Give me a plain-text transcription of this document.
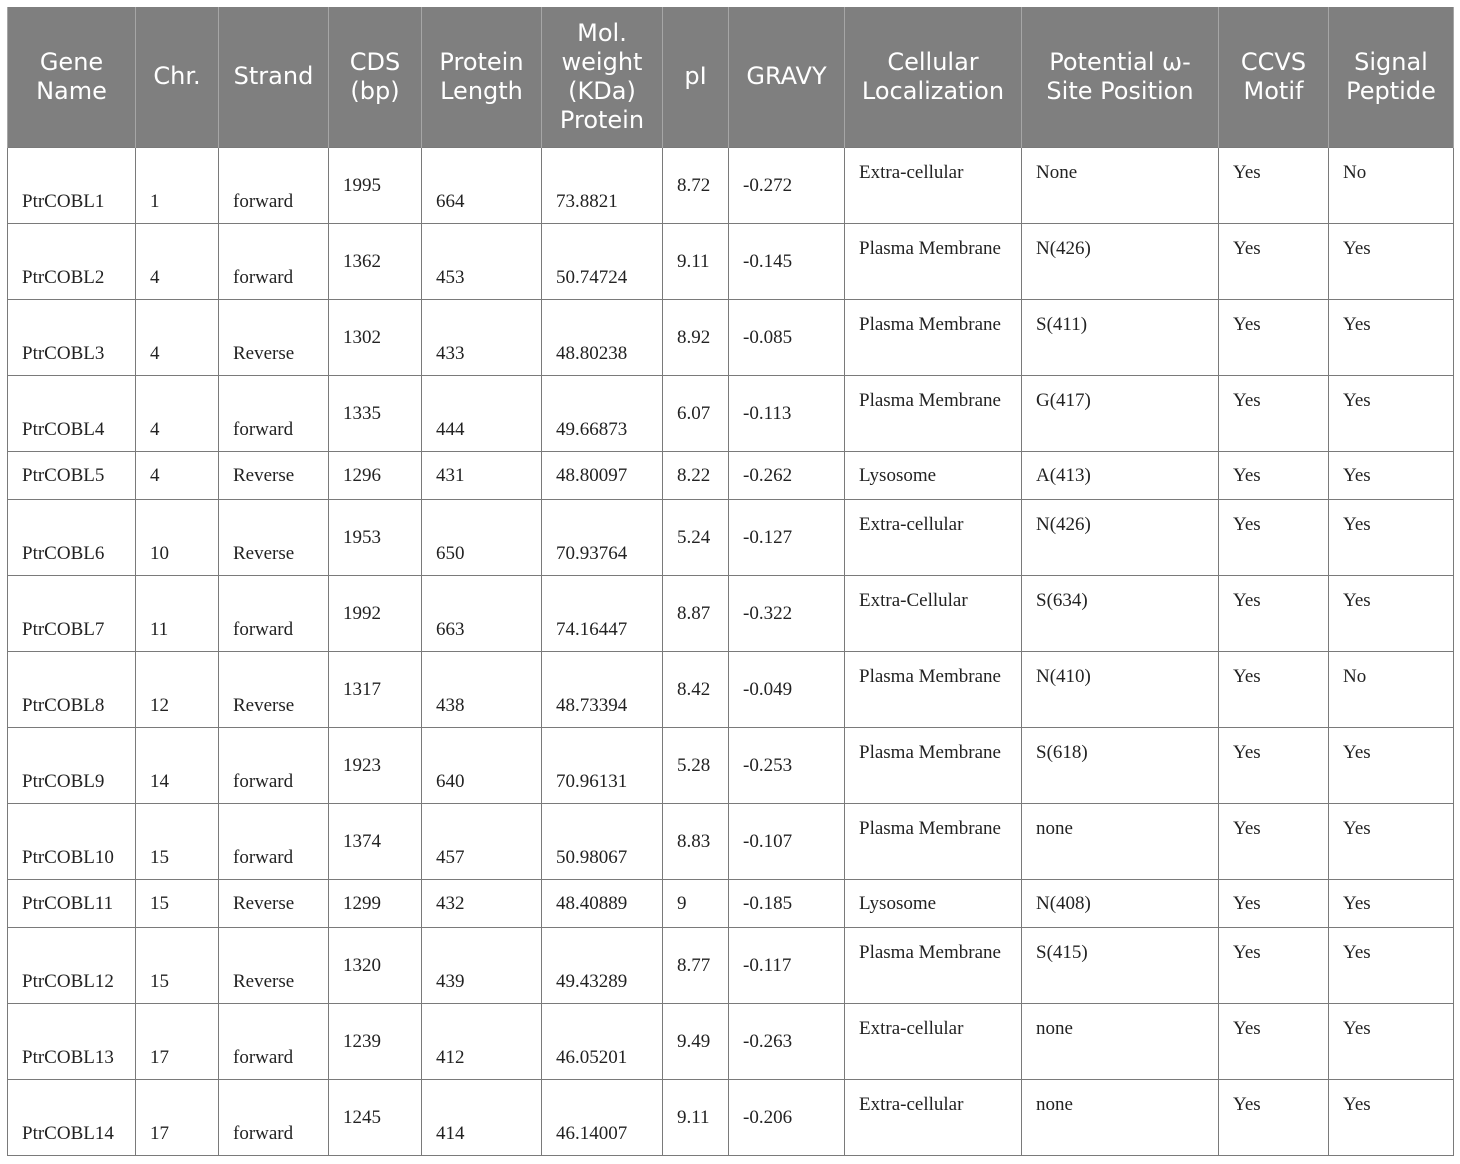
Gene Name	Chr.	Strand	CDS (bp)	Protein Length	Mol. weight (KDa) Protein	pI	GRAVY	Cellular Localization	Potential ω-Site Position	CCVS Motif	Signal Peptide
PtrCOBL1	1	forward	1995	664	73.8821	8.72	-0.272	Extra-cellular	None	Yes	No
PtrCOBL2	4	forward	1362	453	50.74724	9.11	-0.145	Plasma Membrane	N(426)	Yes	Yes
PtrCOBL3	4	Reverse	1302	433	48.80238	8.92	-0.085	Plasma Membrane	S(411)	Yes	Yes
PtrCOBL4	4	forward	1335	444	49.66873	6.07	-0.113	Plasma Membrane	G(417)	Yes	Yes
PtrCOBL5	4	Reverse	1296	431	48.80097	8.22	-0.262	Lysosome	A(413)	Yes	Yes
PtrCOBL6	10	Reverse	1953	650	70.93764	5.24	-0.127	Extra-cellular	N(426)	Yes	Yes
PtrCOBL7	11	forward	1992	663	74.16447	8.87	-0.322	Extra-Cellular	S(634)	Yes	Yes
PtrCOBL8	12	Reverse	1317	438	48.73394	8.42	-0.049	Plasma Membrane	N(410)	Yes	No
PtrCOBL9	14	forward	1923	640	70.96131	5.28	-0.253	Plasma Membrane	S(618)	Yes	Yes
PtrCOBL10	15	forward	1374	457	50.98067	8.83	-0.107	Plasma Membrane	none	Yes	Yes
PtrCOBL11	15	Reverse	1299	432	48.40889	9	-0.185	Lysosome	N(408)	Yes	Yes
PtrCOBL12	15	Reverse	1320	439	49.43289	8.77	-0.117	Plasma Membrane	S(415)	Yes	Yes
PtrCOBL13	17	forward	1239	412	46.05201	9.49	-0.263	Extra-cellular	none	Yes	Yes
PtrCOBL14	17	forward	1245	414	46.14007	9.11	-0.206	Extra-cellular	none	Yes	Yes
